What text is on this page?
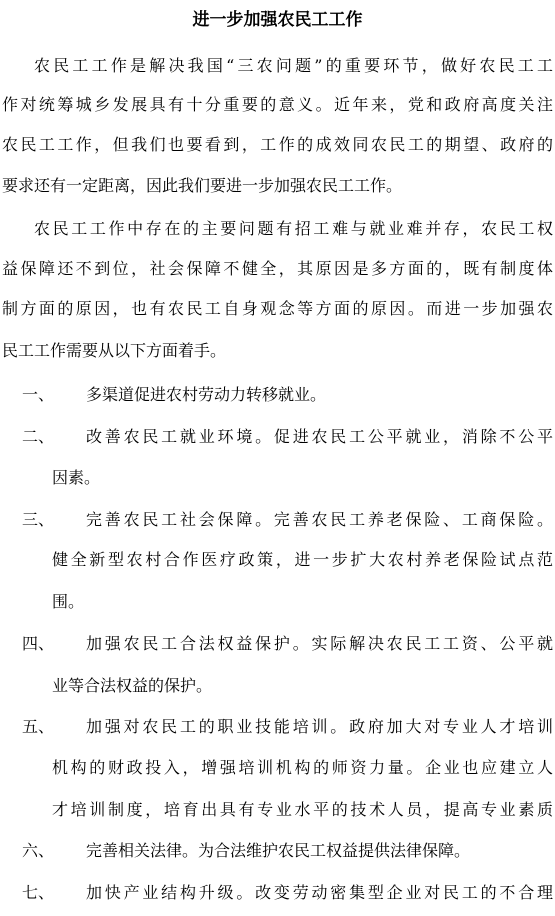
进一步加强农民工工作
农民工工作是解决我国“三农问题”的重要环节，做好农民工工
作对统筹城乡发展具有十分重要的意义。近年来，党和政府高度关注
农民工工作，但我们也要看到，工作的成效同农民工的期望、政府的
要求还有一定距离，因此我们要进一步加强农民工工作。
农民工工作中存在的主要问题有招工难与就业难并存，农民工权
益保障还不到位，社会保障不健全，其原因是多方面的，既有制度体
制方面的原因，也有农民工自身观念等方面的原因。而进一步加强农
民工工作需要从以下方面着手。
一、 多渠道促进农村劳动力转移就业。
二、 改善农民工就业环境。促进农民工公平就业，消除不公平
因素。
三、 完善农民工社会保障。完善农民工养老保险、工商保险。
健全新型农村合作医疗政策，进一步扩大农村养老保险试点范
围。
四、 加强农民工合法权益保护。实际解决农民工工资、公平就
业等合法权益的保护。
五、 加强对农民工的职业技能培训。政府加大对专业人才培训
机构的财政投入，增强培训机构的师资力量。企业也应建立人
才培训制度，培育出具有专业水平的技术人员，提高专业素质
六、 完善相关法律。为合法维护农民工权益提供法律保障。
七、 加快产业结构升级。改变劳动密集型企业对民工的不合理
